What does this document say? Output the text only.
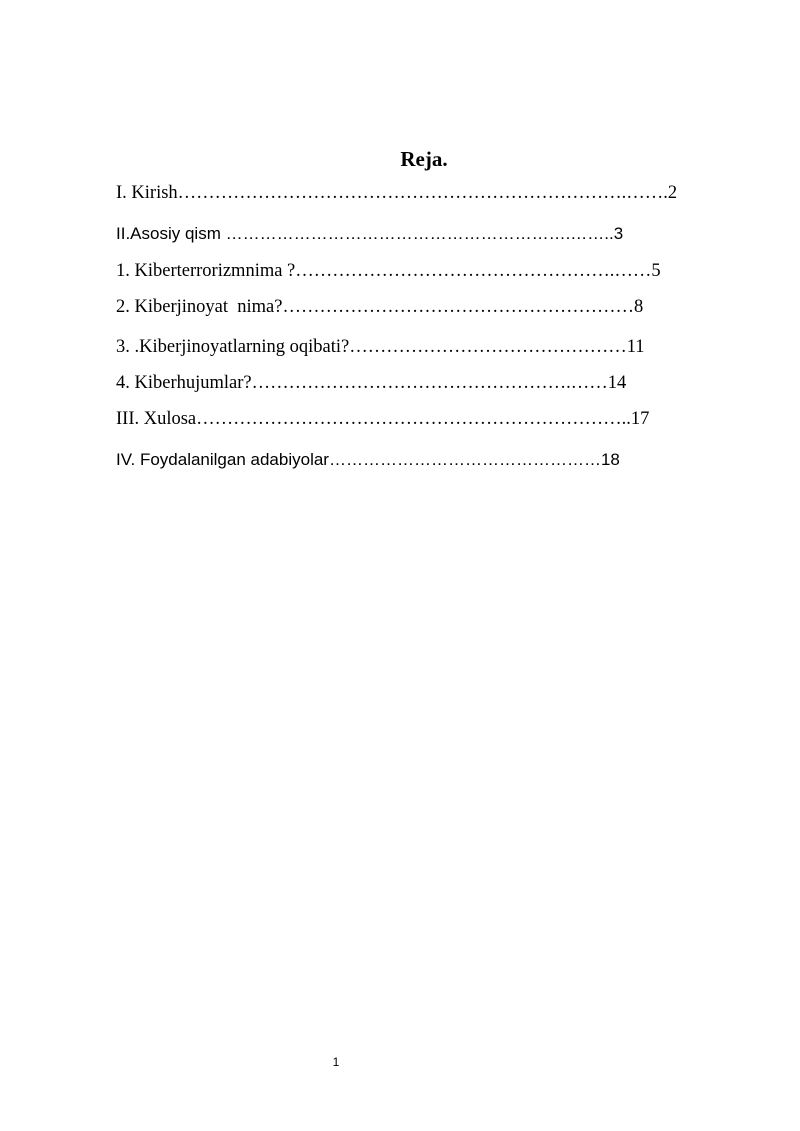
Reja.
I. Kirish……………………………………………………………….…….2
II.Asosiy qism …………………………………………………….……..3
1. Kiberterrorizmnima ?…………………………………………….……5
2. Kiberjinoyat  nima?…………………………………………………8
3. .Kiberjinoyatlarning oqibati?………………………………………11
4. Kiberhujumlar?…………………………………………….……14
III. Xulosa……………………………………………………………..17
IV. Foydalanilgan adabiyolar…………………………………………18
1
